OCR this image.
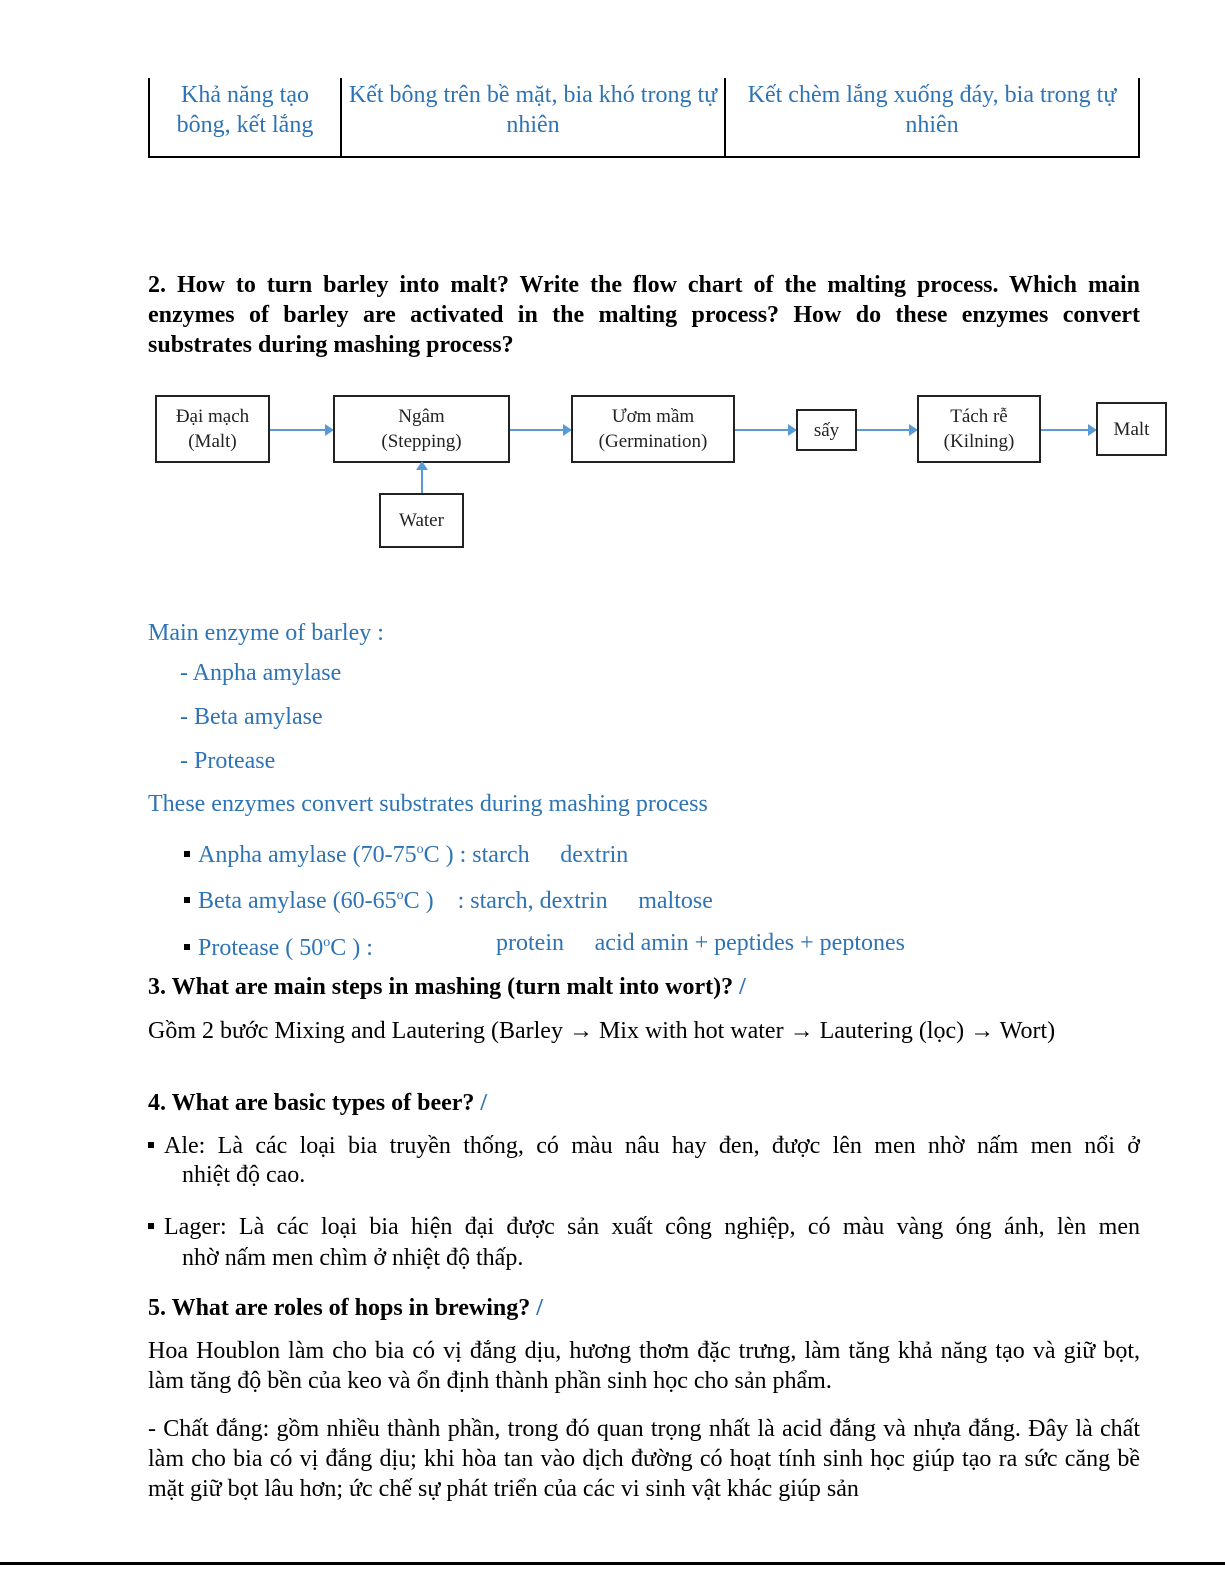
Khả năng tạo bông, kết lắng	Kết bông trên bề mặt, bia khó trong tự nhiên	Kết chèm lắng xuống đáy, bia trong tự nhiên
2. How to turn barley into malt? Write the flow chart of the malting process. Which main enzymes of barley are activated in the malting process? How do these enzymes convert substrates during mashing process?
Đại mạch
(Malt)
Ngâm
(Stepping)
Ươm mầm
(Germination)
sấy
Tách rễ
(Kilning)
Malt
Water
Main enzyme of barley :
- Anpha amylase
- Beta amylase
- Protease
These enzymes convert substrates during mashing process
Anpha amylase (70-75$^o$C ) : starch dextrin
Beta amylase (60-65$^o$C )    : starch, dextrin   maltose
Protease ( 50$^o$C ) :	protein acid amin + peptides + peptones
3. What are main steps in mashing (turn malt into wort)? /
Gồm 2 bước Mixing and Lautering (Barley → Mix with hot water → Lautering (lọc) → Wort)
4. What are basic types of beer? /
Ale: Là các loại bia truyền thống, có màu nâu hay đen, được lên men nhờ nấm men nổi ở
nhiệt độ cao.
Lager: Là các loại bia hiện đại được sản xuất công nghiệp, có màu vàng óng ánh, lèn men
nhờ nấm men chìm ở nhiệt độ thấp.
5. What are roles of hops in brewing? /
Hoa Houblon làm cho bia có vị đắng dịu, hương thơm đặc trưng, làm tăng khả năng tạo và giữ bọt, làm tăng độ bền của keo và ổn định thành phần sinh học cho sản phẩm.
- Chất đắng: gồm nhiều thành phần, trong đó quan trọng nhất là acid đắng và nhựa đắng. Đây là chất làm cho bia có vị đắng dịu; khi hòa tan vào dịch đường có hoạt tính sinh học giúp tạo ra sức căng bề mặt giữ bọt lâu hơn; ức chế sự phát triển của các vi sinh vật khác giúp sản
